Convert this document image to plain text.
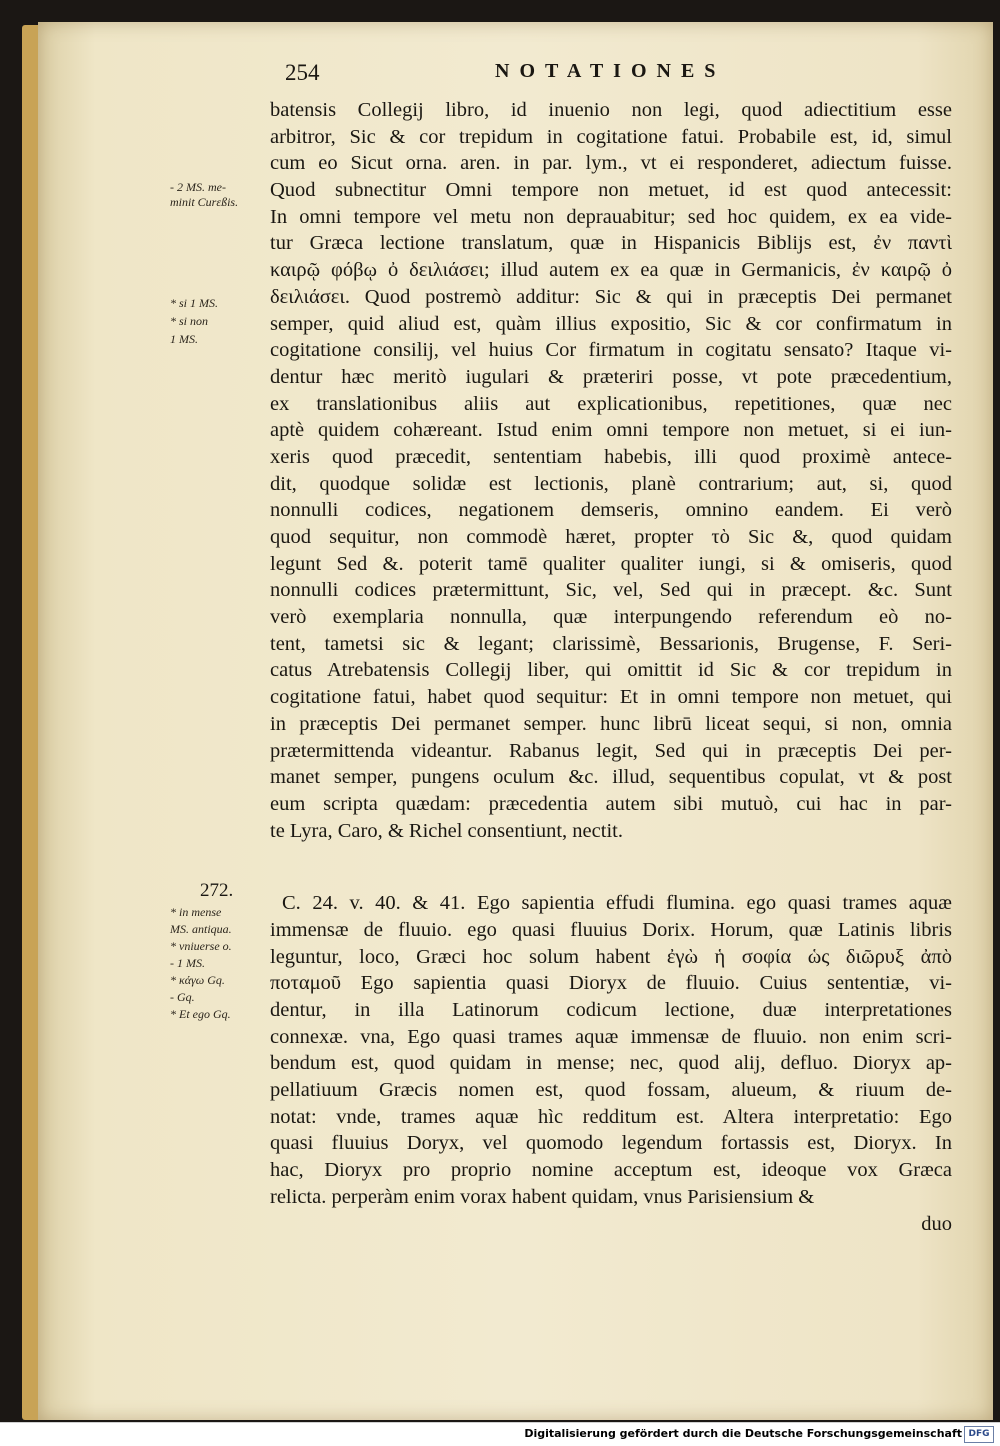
254	NOTATIONES
- 2 MS. me-
minit Curεßis.
* si 1 MS.
* si non
1 MS.
* in mense
MS. antiqua.
* vniuerse o.
- 1 MS.
* κάγω Gq.
- Gq.
* Et ego Gq.
272.
batensis Collegij libro, id inuenio non legi, quod adiectitium esse
arbitror, Sic & cor trepidum in cogitatione fatui. Probabile est, id, simul
cum eo Sicut orna. aren. in par. lym., vt ei responderet, adiectum fuisse.
Quod subnectitur Omni tempore non metuet, id est quod antecessit:
In omni tempore vel metu non deprauabitur; sed hoc quidem, ex ea vide-
tur Græca lectione translatum, quæ in Hispanicis Biblijs est, ἐν παντὶ
καιρῷ φόβῳ ὀ δειλιάσει; illud autem ex ea quæ in Germanicis, ἐν καιρῷ ὀ
δειλιάσει. Quod postremò additur: Sic & qui in præceptis Dei permanet
semper, quid aliud est, quàm illius expositio, Sic & cor confirmatum in
cogitatione consilij, vel huius Cor firmatum in cogitatu sensato? Itaque vi-
dentur hæc meritò iugulari & præteriri posse, vt pote præcedentium,
ex translationibus aliis aut explicationibus, repetitiones, quæ nec
aptè quidem cohæreant. Istud enim omni tempore non metuet, si ei iun-
xeris quod præcedit, sententiam habebis, illi quod proximè antece-
dit, quodque solidæ est lectionis, planè contrarium; aut, si, quod
nonnulli codices, negationem demseris, omnino eandem. Ei verò
quod sequitur, non commodè hæret, propter τὸ Sic &, quod quidam
legunt Sed &. poterit tamē qualiter qualiter iungi, si & omiseris, quod
nonnulli codices prætermittunt, Sic, vel, Sed qui in præcept. &c. Sunt
verò exemplaria nonnulla, quæ interpungendo referendum eò no-
tent, tametsi sic & legant; clarissimè, Bessarionis, Brugense, F. Seri-
catus Atrebatensis Collegij liber, qui omittit id Sic & cor trepidum in
cogitatione fatui, habet quod sequitur: Et in omni tempore non metuet, qui
in præceptis Dei permanet semper. hunc librū liceat sequi, si non, omnia
prætermittenda videantur. Rabanus legit, Sed qui in præceptis Dei per-
manet semper, pungens oculum &c. illud, sequentibus copulat, vt & post
eum scripta quædam: præcedentia autem sibi mutuò, cui hac in par-
te Lyra, Caro, & Richel consentiunt, nectit.
C. 24. v. 40. & 41. Ego sapientia effudi flumina. ego quasi trames aquæ
immensæ de fluuio. ego quasi fluuius Dorix. Horum, quæ Latinis libris
leguntur, loco, Græci hoc solum habent ἐγὼ ἡ σοφία ὡς διῶρυξ ἀπὸ
ποταμοῦ Ego sapientia quasi Dioryx de fluuio. Cuius sententiæ, vi-
dentur, in illa Latinorum codicum lectione, duæ interpretationes
connexæ. vna, Ego quasi trames aquæ immensæ de fluuio. non enim scri-
bendum est, quod quidam in mense; nec, quod alij, defluo. Dioryx ap-
pellatiuum Græcis nomen est, quod fossam, alueum, & riuum de-
notat: vnde, trames aquæ hìc redditum est. Altera interpretatio: Ego
quasi fluuius Doryx, vel quomodo legendum fortassis est, Dioryx. In
hac, Dioryx pro proprio nomine acceptum est, ideoque vox Græca
relicta. perperàm enim vorax habent quidam, vnus Parisiensium &
duo
Digitalisierung gefördert durch die Deutsche Forschungsgemeinschaft DFG
